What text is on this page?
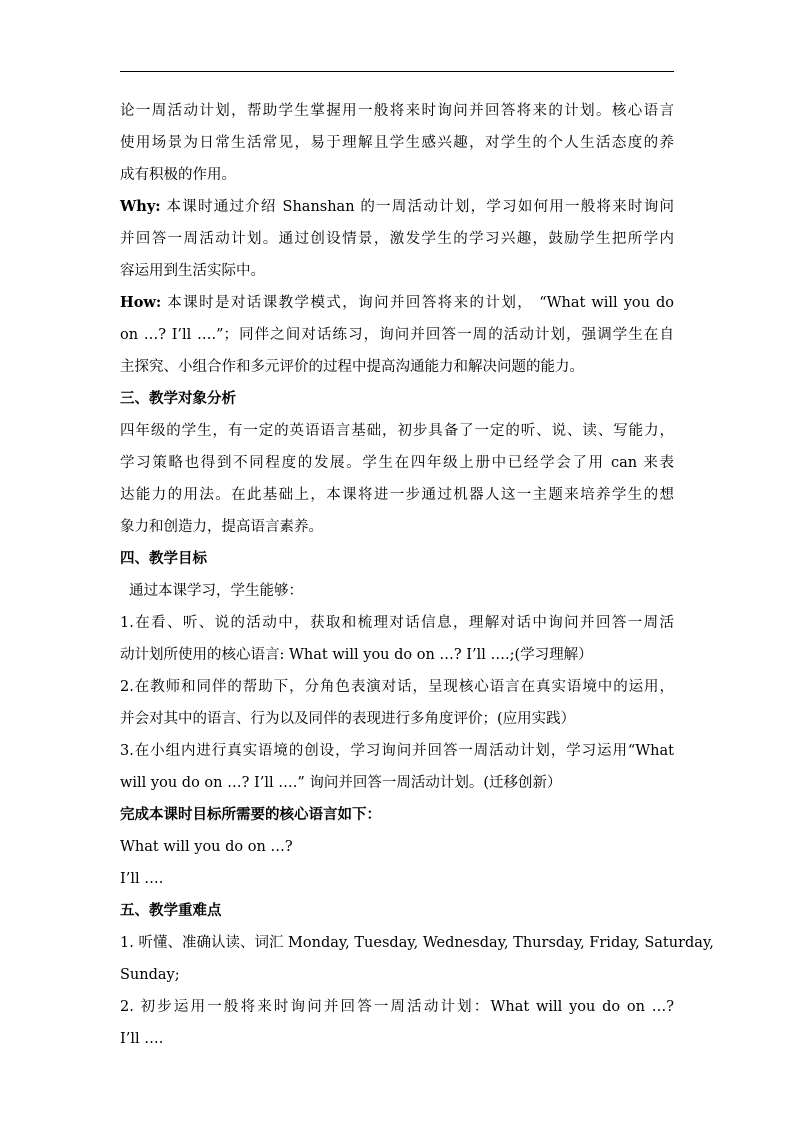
论一周活动计划，帮助学生掌握用一般将来时询问并回答将来的计划。核心语言
使用场景为日常生活常见，易于理解且学生感兴趣，对学生的个人生活态度的养
成有积极的作用。
Why: 本课时通过介绍 Shanshan 的一周活动计划，学习如何用一般将来时询问
并回答一周活动计划。通过创设情景，激发学生的学习兴趣，鼓励学生把所学内
容运用到生活实际中。
How: 本课时是对话课教学模式，询问并回答将来的计划， “What will you do
on …? I’ll ….”；同伴之间对话练习，询问并回答一周的活动计划，强调学生在自
主探究、小组合作和多元评价的过程中提高沟通能力和解决问题的能力。
三、教学对象分析
四年级的学生，有一定的英语语言基础，初步具备了一定的听、说、读、写能力，
学习策略也得到不同程度的发展。学生在四年级上册中已经学会了用 can 来表
达能力的用法。在此基础上，本课将进一步通过机器人这一主题来培养学生的想
象力和创造力，提高语言素养。
四、教学目标
通过本课学习，学生能够：
1.在看、听、说的活动中，获取和梳理对话信息，理解对话中询问并回答一周活
动计划所使用的核心语言: What will you do on …? I’ll ….;(学习理解）
2.在教师和同伴的帮助下，分角色表演对话，呈现核心语言在真实语境中的运用，
并会对其中的语言、行为以及同伴的表现进行多角度评价；(应用实践）
3.在小组内进行真实语境的创设，学习询问并回答一周活动计划，学习运用“What
will you do on …? I’ll ….” 询问并回答一周活动计划。(迁移创新）
完成本课时目标所需要的核心语言如下：
What will you do on …?
I’ll ….
五、教学重难点
1. 听懂、准确认读、词汇 Monday, Tuesday, Wednesday, Thursday, Friday, Saturday,
Sunday;
2. 初步运用一般将来时询问并回答一周活动计划：What will you do on …?
I’ll ….
